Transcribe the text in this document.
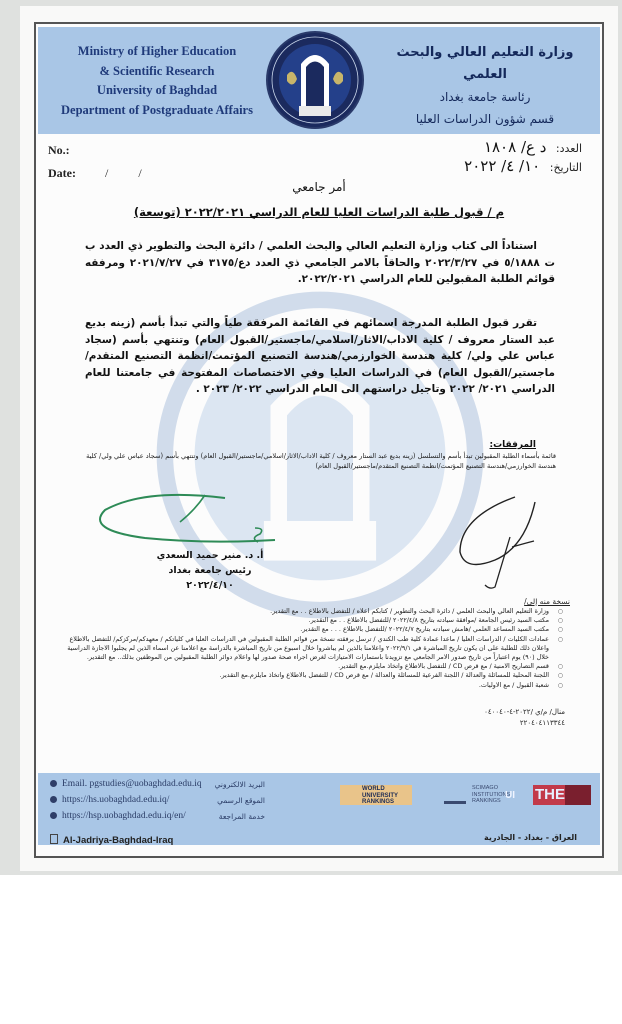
Ministry of Higher Education
& Scientific Research
University of Baghdad
Department of Postgraduate Affairs
وزارة التعليم العالي والبحث العلمي
رئاسة جامعة بغداد
قسم شؤون الدراسات العليا
No.:
Date: /          /
العدد: د ع/ ١٨٠٨
التاريخ: ١٠/ ٤/ ٢٠٢٢
أمر جامعي
م / قبول طلبة الدراسات العليا للعام الدراسي ٢٠٢٢/٢٠٢١ (توسعة)

استناداً الى كتاب وزارة التعليم العالي والبحث العلمي / دائرة البحث والتطوير ذي العدد ب ت ٥/١٨٨٨ في ٢٠٢٢/٣/٢٧ والحاقاً بالامر الجامعي ذي العدد دع/٣١٧٥ في ٢٠٢١/٧/٢٧ ومرفقه قوائم الطلبة المقبولين للعام الدراسي ٢٠٢٢/٢٠٢١.

تقرر قبول الطلبة المدرجة اسمائهم في القائمة المرفقة طياً والتي تبدأ بأسم (زينه بديع عبد الستار معروف / كلية الاداب/الاثار/اسلامي/ماجستير/القبول العام) وتنتهي بأسم (سجاد عباس علي ولي/ كلية هندسة الخوارزمي/هندسة التصنيع المؤتمت/انظمة التصنيع المتقدم/ماجستير/القبول العام) في الدراسات العليا وفي الاختصاصات المفتوحة في جامعتنا للعام الدراسي ٢٠٢١/ ٢٠٢٢ وتاجيل دراستهم الى العام الدراسي ٢٠٢٢/ ٢٠٢٣ .

المرفقات:
قائمة بأسماء الطلبة المقبولين تبدأ بأسم والتسلسل (زينه بديع عبد الستار معروف / كلية الاداب/الاثار/اسلامي/ماجستير/القبول العام) وتنتهي بأسم (سجاد عباس علي ولي/ كلية هندسة الخوارزمي/هندسة التصنيع المؤتمت/انظمة التصنيع المتقدم/ماجستير/القبول العام)
أ. د. منير حميد السعدي
رئيس جامعة بغداد
٢٠٢٢/٤/١٠
نسخة منه إلى/
○ وزارة التعليم العالي والبحث العلمي / دائرة البحث والتطوير / كتابكم اعلاه / للتفضل بالاطلاع . . مع التقدير.
○ مكتب السيد رئيس الجامعة /موافقة سيادته بتاريخ ٢٠٢٢/٤/٨ /للتفضل بالاطلاع . . مع التقدير.
○ مكتب السيد المساعد العلمي /هامش سيادته بتاريخ ٢٠٢٢/٤/٧ /للتفضل بالاطلاع . . . مع التقدير.
○ عمادات الكليات / الدراسات العليا / ماعدا عمادة كلية طب الكندي / ترسل برفقته نسخة من قوائم الطلبة المقبولين في الدراسات العليا في كلياتكم / معهدكم/مركزكم/ للتفضل بالاطلاع واعلان ذلك للطلبة على ان يكون تاريخ المباشرة في ٢٠٢٢/٩/١ واعلامنا بالذين لم يباشروا خلال اسبوع من تاريخ المباشرة بالدراسة مع اعلامنا عن اسماء الذين لم يجلبوا الاجازة الدراسية خلال (٩٠) يوم اعتباراً من تاريخ صدور الامر الجامعي مع تزويدنا باستمارات الامتيازات لغرض اجراء صحة صدور لها واعلام دوائر الطلبة المقبولين من الموظفين بذلك.. مع التقدير.
○ قسم التصاريح الامنية / مع قرص CD / للتفضل بالاطلاع واتخاذ مايلزم.مع التقدير.
○ اللجنة المحلية للمسائلة والعدالة / اللجنة الفرعية للمسائلة والعدالة / مع قرص CD / للتفضل بالاطلاع واتخاذ مايلزم.مع التقدير.
○ شعبة القبول / مع الاوليات.
منال/ م/ي /٢٠٢٢-٤-٠٤٠٠٤٠
٢٢٠٤٠٤١١٣٣٤٤
Email. pgstudies@uobaghdad.edu.iq
https://hs.uobaghdad.edu.iq/
https://hsp.uobaghdad.edu.iq/en/
البريد الالكتروني
الموقع الرسمي
خدمة المراجعة
Al-Jadriya-Baghdad-Iraq	العراق - بغداد - الجادرية
WORLD UNIVERSITY RANKINGS
SCIMAGO INSTITUTIONS RANKINGS UI	THE
